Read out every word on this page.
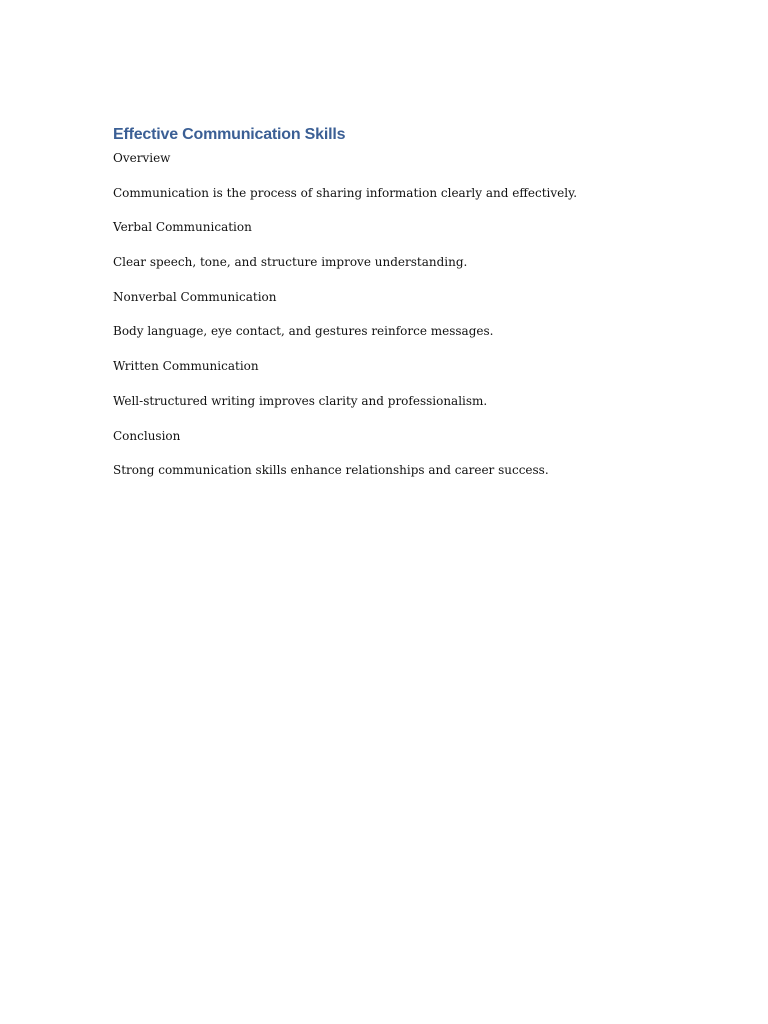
Effective Communication Skills

Overview

Communication is the process of sharing information clearly and effectively.

Verbal Communication

Clear speech, tone, and structure improve understanding.

Nonverbal Communication

Body language, eye contact, and gestures reinforce messages.

Written Communication

Well-structured writing improves clarity and professionalism.

Conclusion

Strong communication skills enhance relationships and career success.
